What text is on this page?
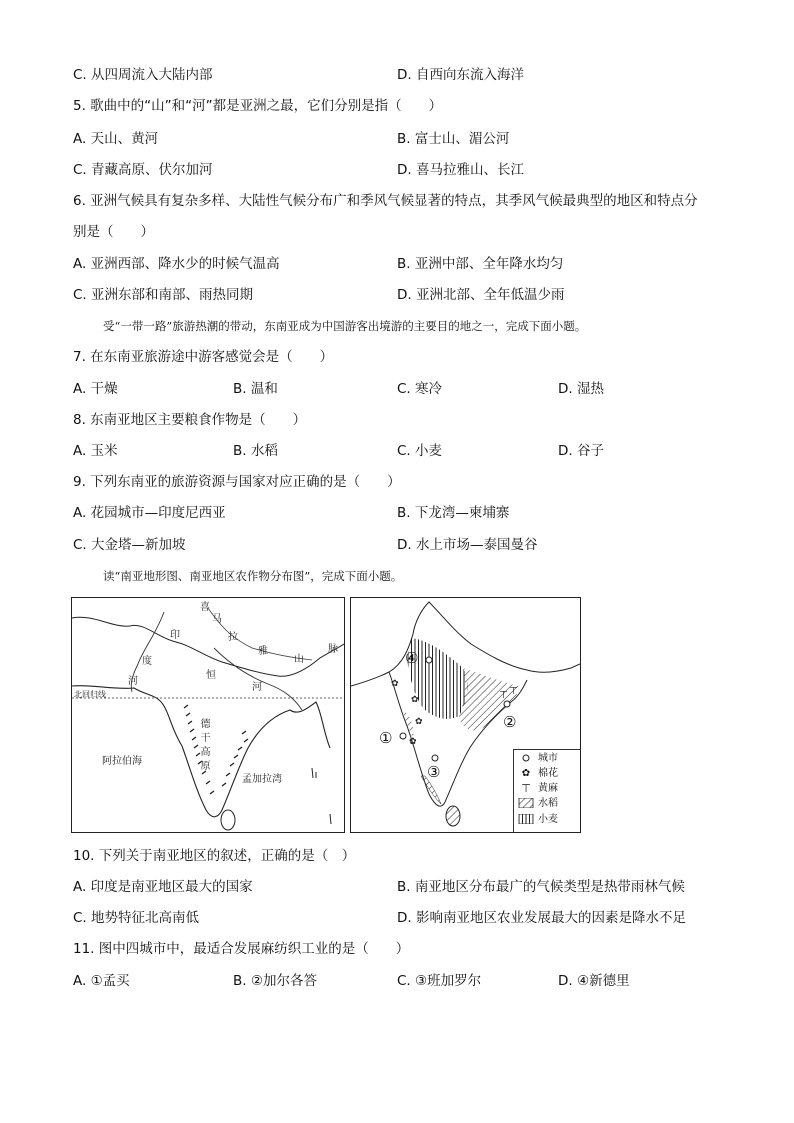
C. 从四周流入大陆内部	D. 自西向东流入海洋
5. 歌曲中的“山”和“河”都是亚洲之最，它们分别是指（　　）
A. 天山、黄河	B. 富士山、湄公河
C. 青藏高原、伏尔加河	D. 喜马拉雅山、长江
6. 亚洲气候具有复杂多样、大陆性气候分布广和季风气候显著的特点，其季风气候最典型的地区和特点分
别是（　　）
A. 亚洲西部、降水少的时候气温高	B. 亚洲中部、全年降水均匀
C. 亚洲东部和南部、雨热同期	D. 亚洲北部、全年低温少雨
受“一带一路”旅游热潮的带动，东南亚成为中国游客出境游的主要目的地之一，完成下面小题。
7. 在东南亚旅游途中游客感觉会是（　　）
A. 干燥	B. 温和	C. 寒冷	D. 湿热
8. 东南亚地区主要粮食作物是（　　）
A. 玉米	B. 水稻	C. 小麦	D. 谷子
9. 下列东南亚的旅游资源与国家对应正确的是（　　）
A. 花园城市—印度尼西亚	B. 下龙湾—柬埔寨
C. 大金塔—新加坡	D. 水上市场—泰国曼谷
读“南亚地形图、南亚地区农作物分布图”，完成下面小题。
喜
马
拉
雅
山
脉
印
度
河
恒
河
北回归线
德
干
高
原
阿拉伯海
孟加拉湾
✿
✿
✿
✿
⊤ ⊤
④
②
①
③
城市
✿ 棉花
⊤ 黄麻
水稻
小麦
10. 下列关于南亚地区的叙述，正确的是（　）
A. 印度是南亚地区最大的国家	B. 南亚地区分布最广的气候类型是热带雨林气候
C. 地势特征北高南低	D. 影响南亚地区农业发展最大的因素是降水不足
11. 图中四城市中，最适合发展麻纺织工业的是（　　）
A. ①孟买	B. ②加尔各答	C. ③班加罗尔	D. ④新德里
